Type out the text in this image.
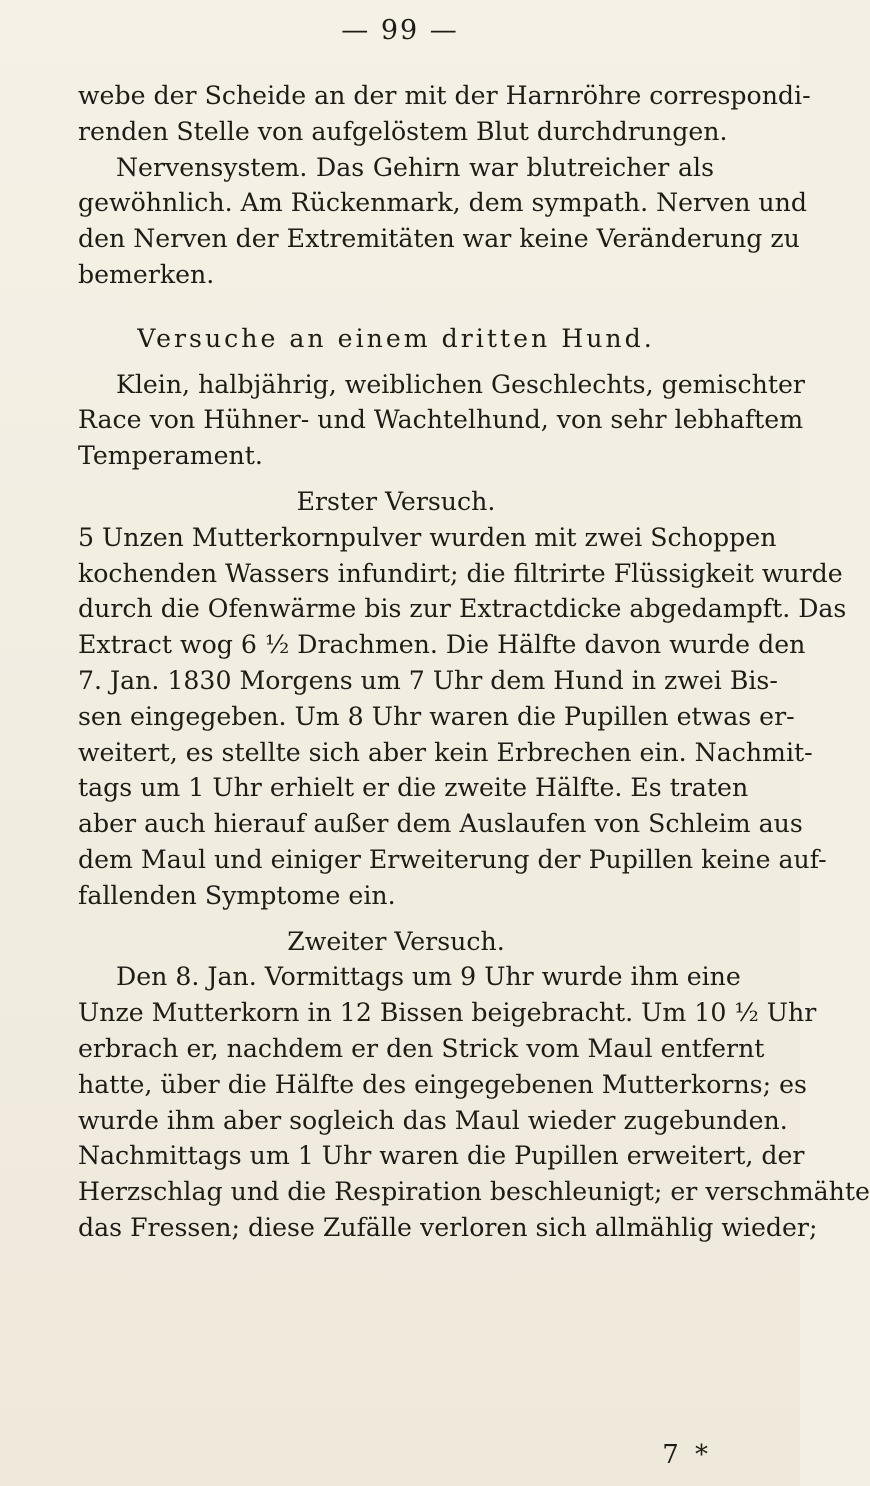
— 99 —
webe der Scheide an der mit der Harnröhre correspondi-
renden Stelle von aufgelöstem Blut durchdrungen.
Nervensystem. Das Gehirn war blutreicher als
gewöhnlich. Am Rückenmark, dem sympath. Nerven und
den Nerven der Extremitäten war keine Veränderung zu
bemerken.
Versuche an einem dritten Hund.
Klein, halbjährig, weiblichen Geschlechts, gemischter
Race von Hühner- und Wachtelhund, von sehr lebhaftem
Temperament.
Erster Versuch.
5 Unzen Mutterkornpulver wurden mit zwei Schoppen
kochenden Wassers infundirt; die filtrirte Flüssigkeit wurde
durch die Ofenwärme bis zur Extractdicke abgedampft. Das
Extract wog 6 ½ Drachmen. Die Hälfte davon wurde den
7. Jan. 1830 Morgens um 7 Uhr dem Hund in zwei Bis-
sen eingegeben. Um 8 Uhr waren die Pupillen etwas er-
weitert, es stellte sich aber kein Erbrechen ein. Nachmit-
tags um 1 Uhr erhielt er die zweite Hälfte. Es traten
aber auch hierauf außer dem Auslaufen von Schleim aus
dem Maul und einiger Erweiterung der Pupillen keine auf-
fallenden Symptome ein.
Zweiter Versuch.
Den 8. Jan. Vormittags um 9 Uhr wurde ihm eine
Unze Mutterkorn in 12 Bissen beigebracht. Um 10 ½ Uhr
erbrach er, nachdem er den Strick vom Maul entfernt
hatte, über die Hälfte des eingegebenen Mutterkorns; es
wurde ihm aber sogleich das Maul wieder zugebunden.
Nachmittags um 1 Uhr waren die Pupillen erweitert, der
Herzschlag und die Respiration beschleunigt; er verschmähte
das Fressen; diese Zufälle verloren sich allmählig wieder;
7 *
